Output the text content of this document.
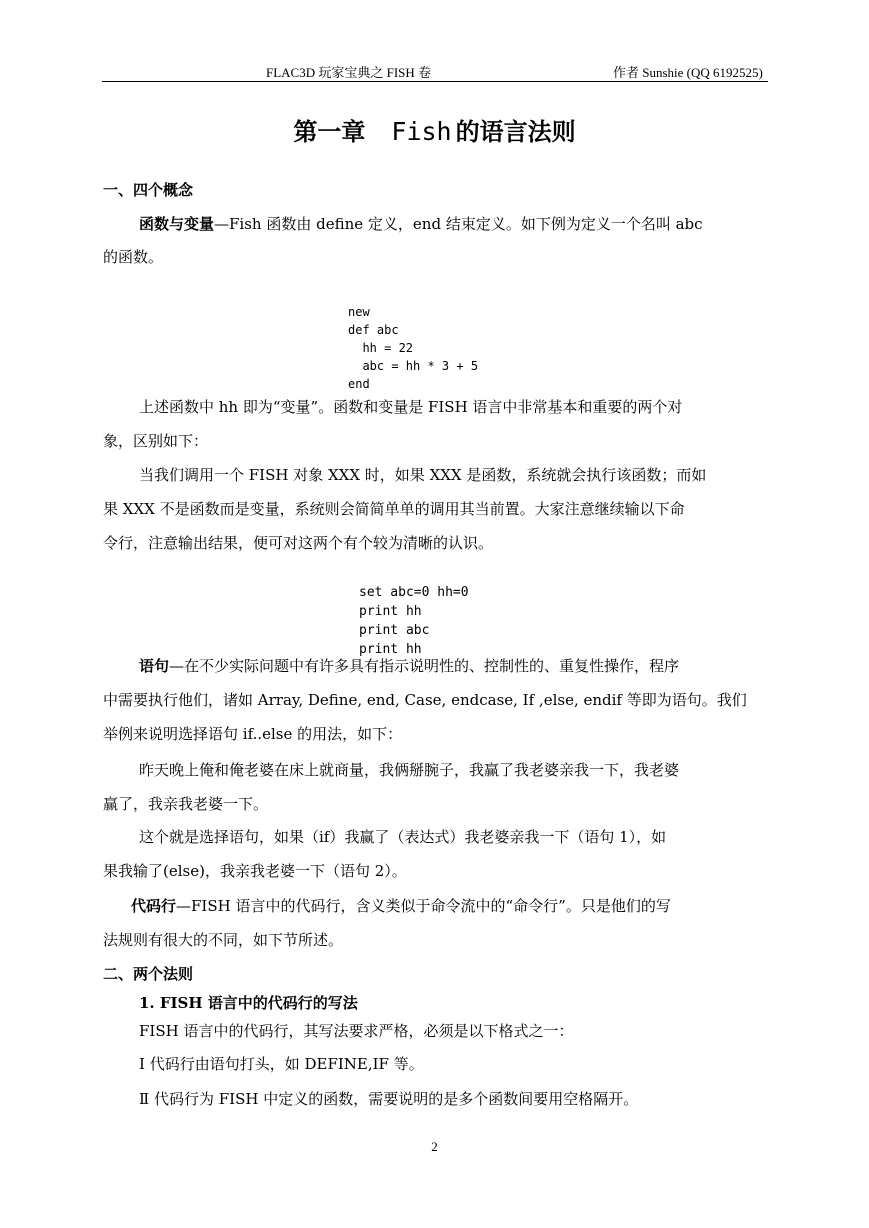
FLAC3D 玩家宝典之 FISH 卷	作者 Sunshie (QQ 6192525)
第一章 Fish 的语言法则
一、四个概念
函数与变量—Fish 函数由 define 定义，end 结束定义。如下例为定义一个名叫 abc
的函数。

new
def abc
hh = 22
abc = hh * 3 + 5
end

上述函数中 hh 即为“变量”。函数和变量是 FISH 语言中非常基本和重要的两个对
象，区别如下：
当我们调用一个 FISH 对象 XXX 时，如果 XXX 是函数，系统就会执行该函数；而如
果 XXX 不是函数而是变量，系统则会简简单单的调用其当前置。大家注意继续输以下命
令行，注意输出结果，便可对这两个有个较为清晰的认识。

set abc=0 hh=0
print hh
print abc
print hh

语句—在不少实际问题中有许多具有指示说明性的、控制性的、重复性操作，程序
中需要执行他们，诸如 Array, Define, end, Case, endcase, If ,else, endif 等即为语句。我们
举例来说明选择语句 if..else 的用法，如下：
昨天晚上俺和俺老婆在床上就商量，我俩掰腕子，我赢了我老婆亲我一下，我老婆
赢了，我亲我老婆一下。
这个就是选择语句，如果（if）我赢了（表达式）我老婆亲我一下（语句 1），如
果我输了(else)，我亲我老婆一下（语句 2）。
代码行—FISH 语言中的代码行，含义类似于命令流中的“命令行”。只是他们的写
法规则有很大的不同，如下节所述。
二、两个法则
1. FISH 语言中的代码行的写法
FISH 语言中的代码行，其写法要求严格，必须是以下格式之一：
Ⅰ 代码行由语句打头，如 DEFINE,IF 等。
Ⅱ 代码行为 FISH 中定义的函数，需要说明的是多个函数间要用空格隔开。
2
